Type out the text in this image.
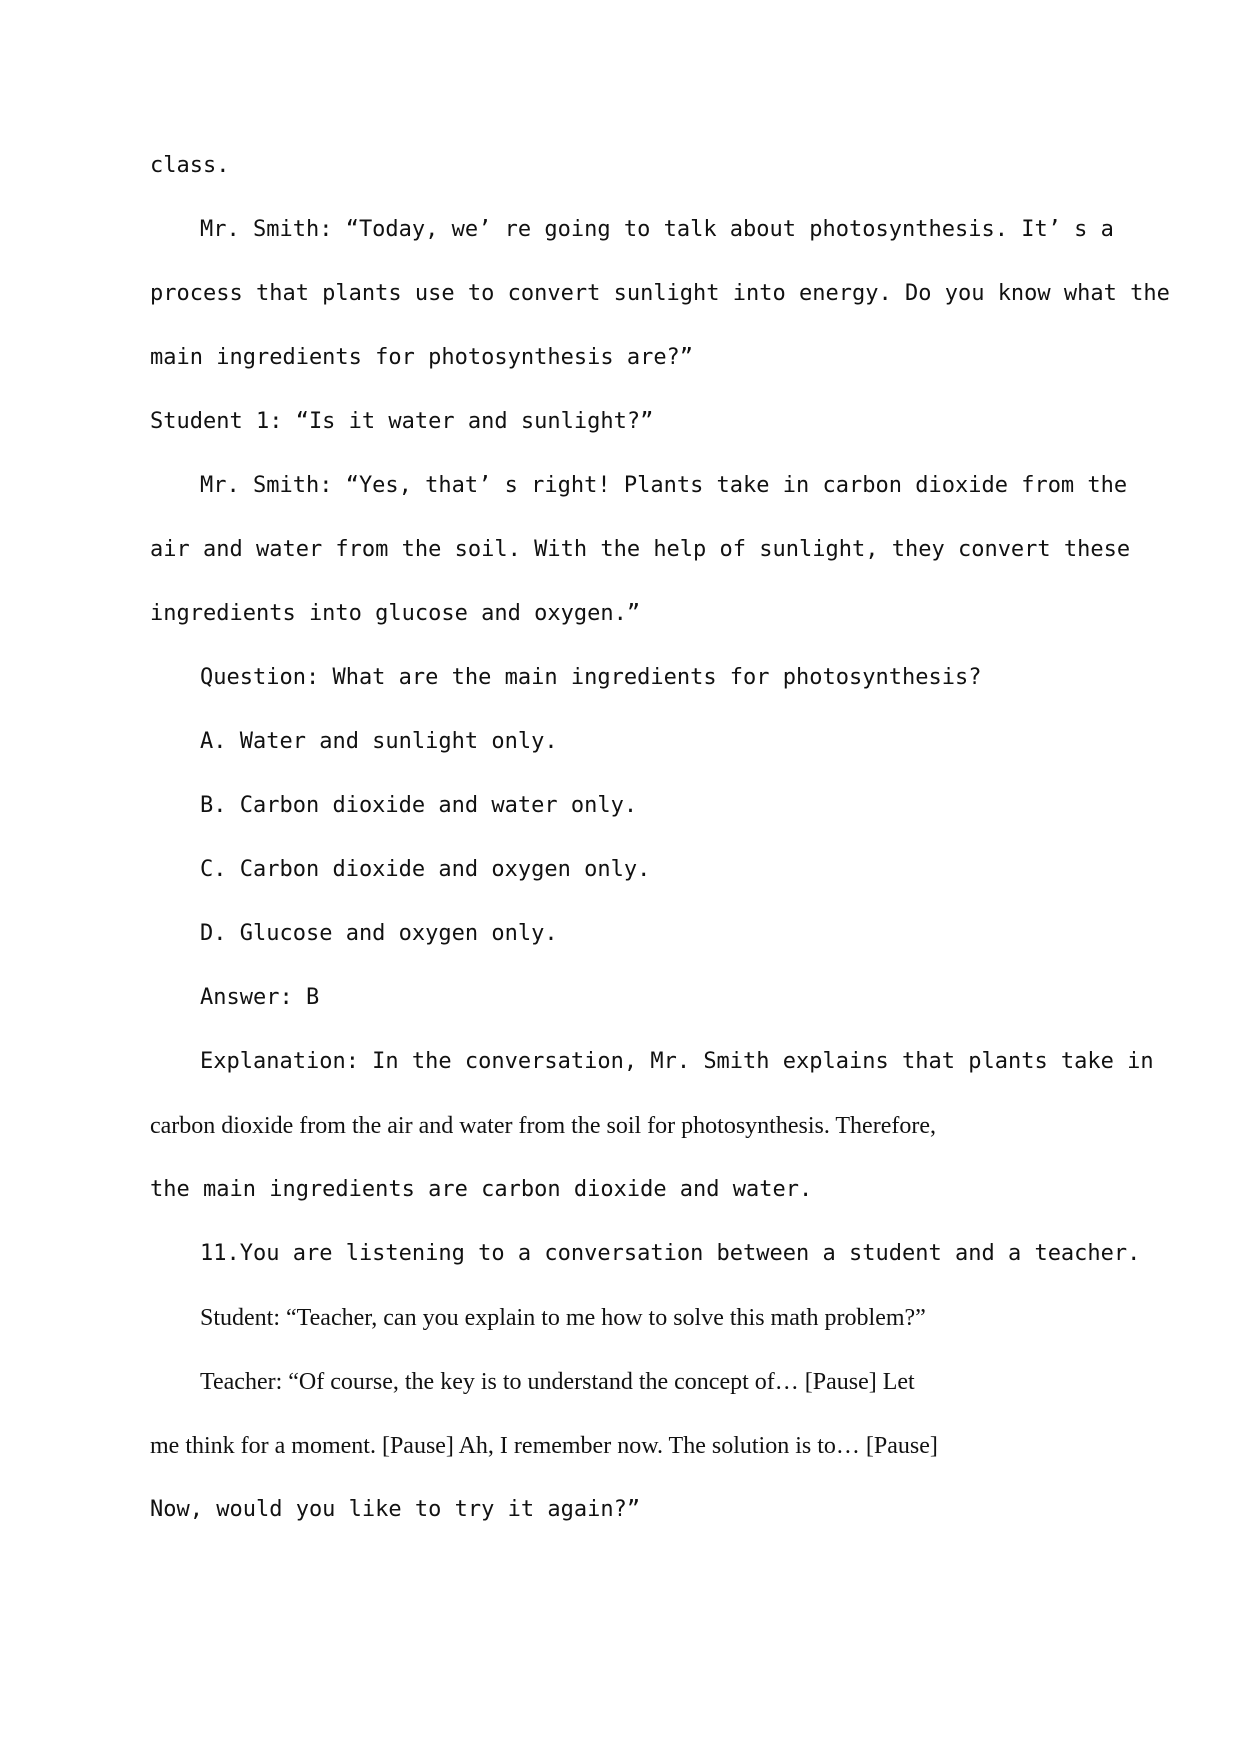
class.
Mr. Smith: “Today, we’ re going to talk about photosynthesis. It’ s a
process that plants use to convert sunlight into energy. Do you know what the
main ingredients for photosynthesis are?”
Student 1: “Is it water and sunlight?”
Mr. Smith: “Yes, that’ s right! Plants take in carbon dioxide from the
air and water from the soil. With the help of sunlight, they convert these
ingredients into glucose and oxygen.”
Question: What are the main ingredients for photosynthesis?
A. Water and sunlight only.
B. Carbon dioxide and water only.
C. Carbon dioxide and oxygen only.
D. Glucose and oxygen only.
Answer: B
Explanation: In the conversation, Mr. Smith explains that plants take in
carbon dioxide from the air and water from the soil for photosynthesis. Therefore,
the main ingredients are carbon dioxide and water.
11.You are listening to a conversation between a student and a teacher.
Student: “Teacher, can you explain to me how to solve this math problem?”
Teacher: “Of course, the key is to understand the concept of… [Pause] Let
me think for a moment. [Pause] Ah, I remember now. The solution is to… [Pause]
Now, would you like to try it again?”
